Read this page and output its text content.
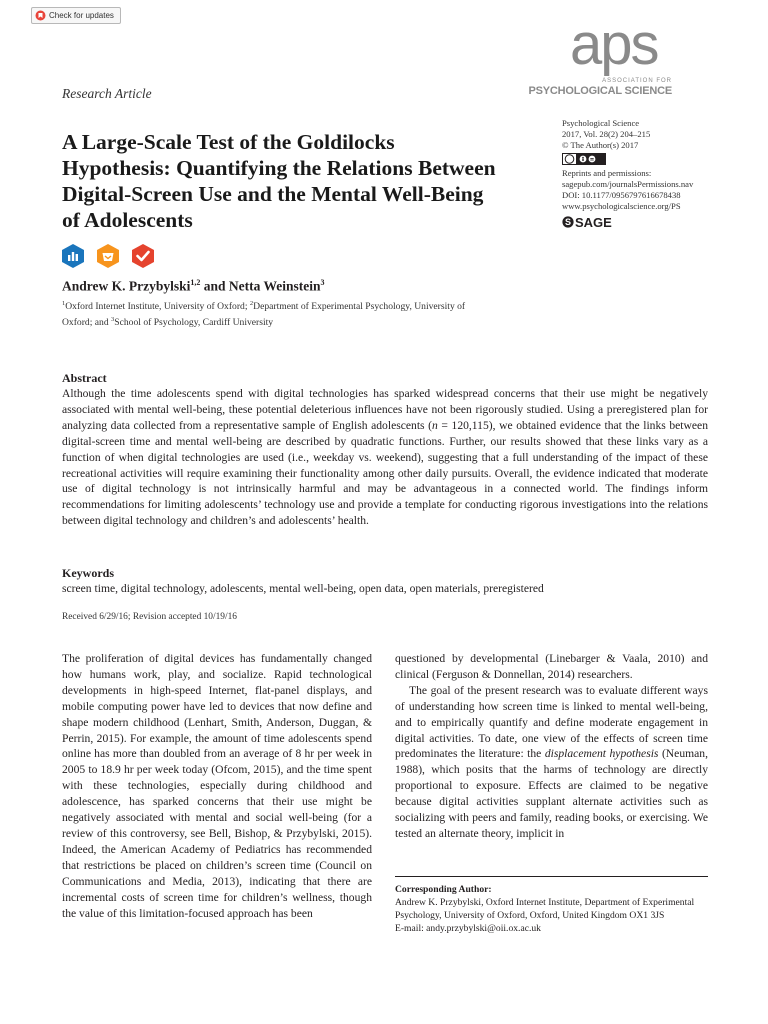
Check for updates
Research Article
aps
ASSOCIATION FOR
PSYCHOLOGICAL SCIENCE
Psychological Science
2017, Vol. 28(2) 204–215
© The Author(s) 2017
Reprints and permissions:
sagepub.com/journalsPermissions.nav
DOI: 10.1177/0956797616678438
www.psychologicalscience.org/PS
S SAGE
A Large-Scale Test of the Goldilocks Hypothesis: Quantifying the Relations Between Digital-Screen Use and the Mental Well-Being of Adolescents
Andrew K. Przybylski$^{1,2}$ and Netta Weinstein$^3$
$^1$Oxford Internet Institute, University of Oxford; $^2$Department of Experimental Psychology, University of Oxford; and $^3$School of Psychology, Cardiff University
Abstract
Although the time adolescents spend with digital technologies has sparked widespread concerns that their use might be negatively associated with mental well-being, these potential deleterious influences have not been rigorously studied. Using a preregistered plan for analyzing data collected from a representative sample of English adolescents (n = 120,115), we obtained evidence that the links between digital-screen time and mental well-being are described by quadratic functions. Further, our results showed that these links vary as a function of when digital technologies are used (i.e., weekday vs. weekend), suggesting that a full understanding of the impact of these recreational activities will require examining their functionality among other daily pursuits. Overall, the evidence indicated that moderate use of digital technology is not intrinsically harmful and may be advantageous in a connected world. The findings inform recommendations for limiting adolescents’ technology use and provide a template for conducting rigorous investigations into the relations between digital technology and children’s and adolescents’ health.
Keywords
screen time, digital technology, adolescents, mental well-being, open data, open materials, preregistered
Received 6/29/16; Revision accepted 10/19/16
The proliferation of digital devices has fundamentally changed how humans work, play, and socialize. Rapid technological developments in high-speed Internet, flat-panel displays, and mobile computing power have led to devices that now define and shape modern childhood (Lenhart, Smith, Anderson, Duggan, & Perrin, 2015). For example, the amount of time adolescents spend online has more than doubled from an average of 8 hr per week in 2005 to 18.9 hr per week today (Ofcom, 2015), and the time spent with these technologies, especially during childhood and adolescence, has sparked concerns that their use might be negatively associated with mental and social well-being (for a review of this controversy, see Bell, Bishop, & Przybylski, 2015). Indeed, the American Academy of Pediatrics has recommended that restrictions be placed on children’s screen time (Council on Communications and Media, 2013), indicating that there are incremental costs of screen time for children’s wellness, though the value of this limitation-focused approach has been
questioned by developmental (Linebarger & Vaala, 2010) and clinical (Ferguson & Donnellan, 2014) researchers.
The goal of the present research was to evaluate different ways of understanding how screen time is linked to mental well-being, and to empirically quantify and define moderate engagement in digital activities. To date, one view of the effects of screen time predominates the literature: the displacement hypothesis (Neuman, 1988), which posits that the harms of technology are directly proportional to exposure. Effects are claimed to be negative because digital activities supplant alternate activities such as socializing with peers and family, reading books, or exercising. We tested an alternate theory, implicit in
Corresponding Author:
Andrew K. Przybylski, Oxford Internet Institute, Department of Experimental Psychology, University of Oxford, Oxford, United Kingdom OX1 3JS
E-mail: andy.przybylski@oii.ox.ac.uk
